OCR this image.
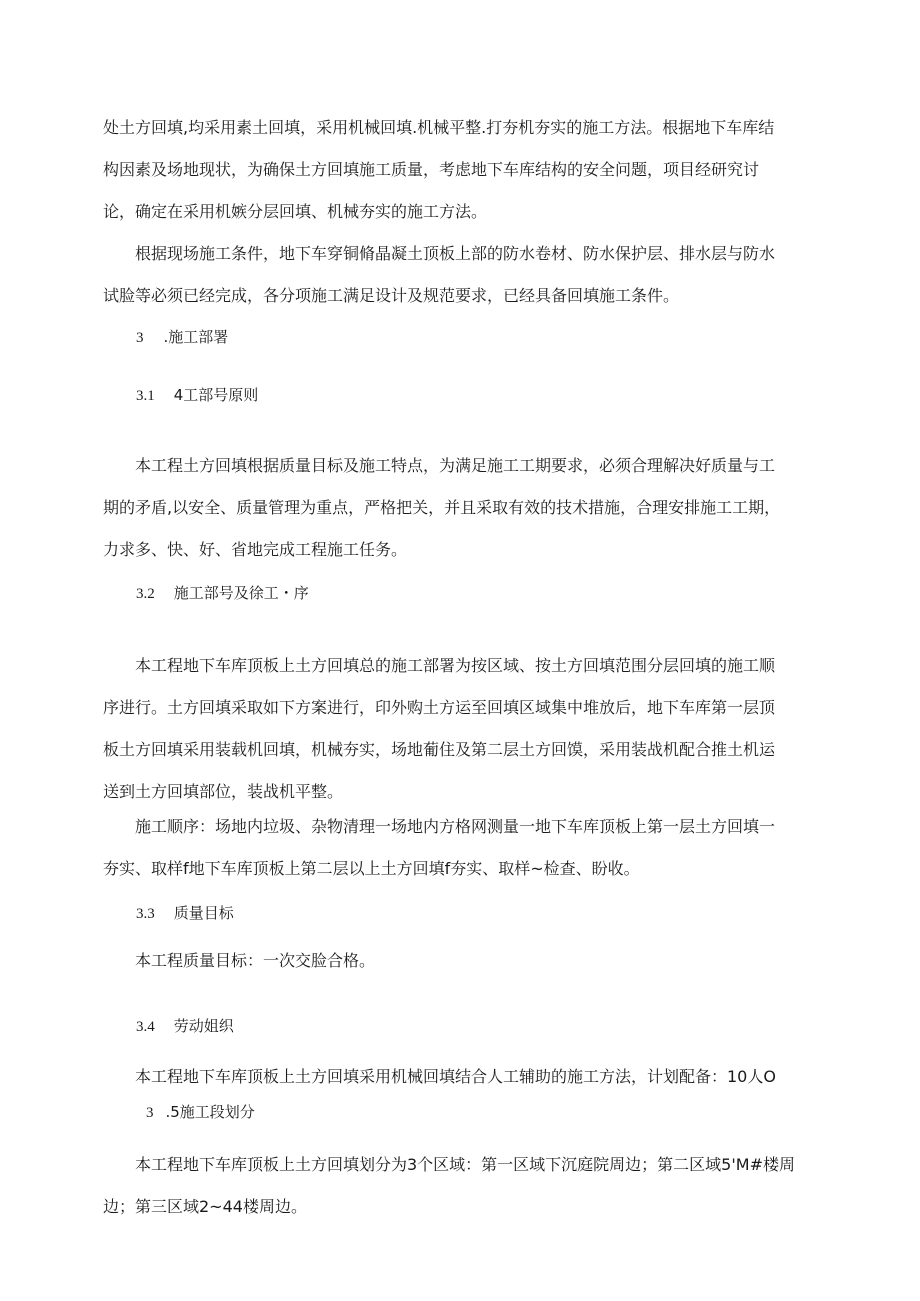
处土方回填,均采用素土回填，采用机械回填.机械平整.打夯机夯实的施工方法。根据地下车库结
构因素及场地现状，为确保土方回填施工质量，考虑地下车库结构的安全问题，项目经研究讨
论，确定在采用机嫉分层回填、机械夯实的施工方法。
根据现场施工条件，地下车穿铜脩晶凝土顶板上部的防水卷材、防水保护层、排水层与防水
试脸等必须已经完成，各分项施工满足设计及规范要求，已经具备回填施工条件。
3 .施工部署
3.1 4工部号原则
本工程土方回填根据质量目标及施工特点，为满足施工工期要求，必须合理解决好质量与工
期的矛盾,以安全、质量管理为重点，严格把关，并且采取有效的技术措施，合理安排施工工期，
力求多、快、好、省地完成工程施工任务。
3.2 施工部号及徐工・序
本工程地下车库顶板上土方回填总的施工部署为按区域、按土方回填范围分层回填的施工顺
序进行。土方回填采取如下方案进行，印外购土方运至回填区域集中堆放后，地下车库第一层顶
板土方回填采用装载机回填，机械夯实，场地葡住及第二层土方回馍，采用装战机配合推土机运
送到土方回填部位，装战机平整。
施工顺序：场地内垃圾、杂物清理一场地内方格网测量一地下车库顶板上第一层土方回填一
夯实、取样f地下车库顶板上第二层以上土方回填f夯实、取样~检查、盼收。
3.3 质量目标
本工程质量目标：一次交脸合格。
3.4 劳动姐织
本工程地下车库顶板上土方回填采用机械回填结合人工辅助的施工方法，计划配备：10人O
3 .5施工段划分
本工程地下车库顶板上土方回填划分为3个区域：第一区域下沉庭院周边；第二区域5'M#楼周
边；第三区域2~44楼周边。
